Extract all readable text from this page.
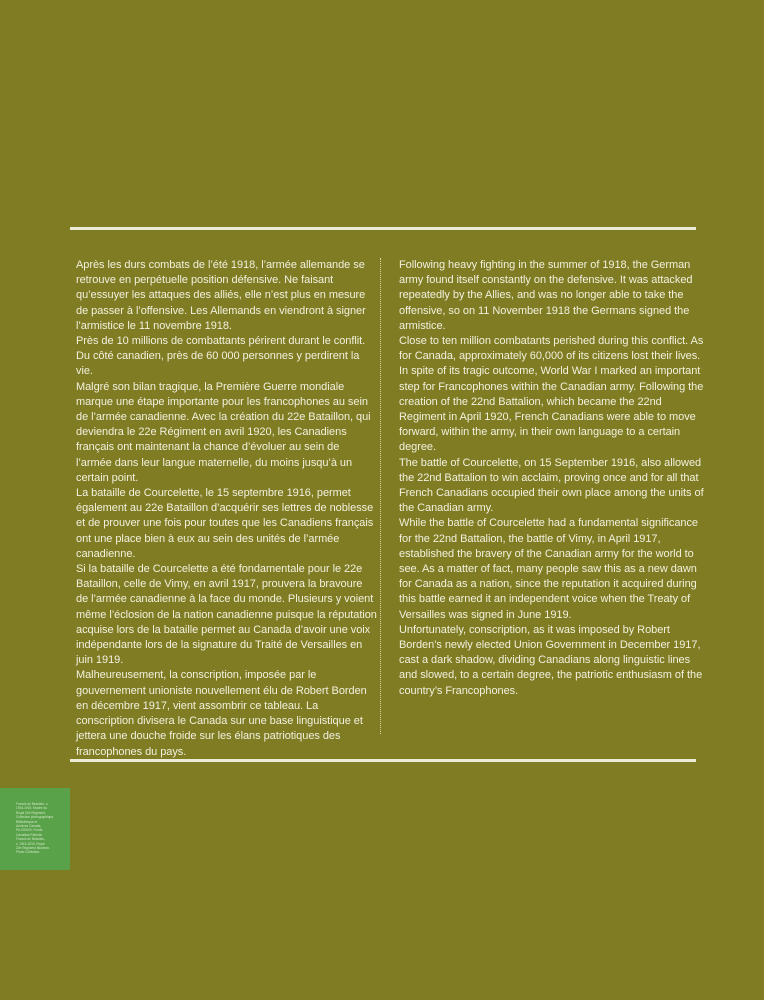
Après les durs combats de l’été 1918, l’armée allemande se retrouve en perpétuelle position défensive. Ne faisant qu’essuyer les attaques des alliés, elle n’est plus en mesure de passer à l’offensive. Les Allemands en viendront à signer l’armistice le 11 novembre 1918.

Près de 10 millions de combattants périrent durant le conflit. Du côté canadien, près de 60 000 personnes y perdirent la vie.

Malgré son bilan tragique, la Première Guerre mondiale marque une étape importante pour les francophones au sein de l’armée canadienne. Avec la création du 22e Bataillon, qui deviendra le 22e Régiment en avril 1920, les Canadiens français ont maintenant la chance d’évoluer au sein de l’armée dans leur langue maternelle, du moins jusqu’à un certain point.

La bataille de Courcelette, le 15 septembre 1916, permet également au 22e Bataillon d’acquérir ses lettres de noblesse et de prouver une fois pour toutes que les Canadiens français ont une place bien à eux au sein des unités de l’armée canadienne.

Si la bataille de Courcelette a été fondamentale pour le 22e Bataillon, celle de Vimy, en avril 1917, prouvera la bravoure de l’armée canadienne à la face du monde. Plusieurs y voient même l’éclosion de la nation canadienne puisque la réputation acquise lors de la bataille permet au Canada d’avoir une voix indépendante lors de la signature du Traité de Versailles en juin 1919.

Malheureusement, la conscription, imposée par le gouvernement unioniste nouvellement élu de Robert Borden en décembre 1917, vient assombrir ce tableau. La conscription divisera le Canada sur une base linguistique et jettera une douche froide sur les élans patriotiques des francophones du pays.

Following heavy fighting in the summer of 1918, the German army found itself constantly on the defensive. It was attacked repeatedly by the Allies, and was no longer able to take the offensive, so on 11 November 1918 the Germans signed the armistice.

Close to ten million combatants perished during this conflict. As for Canada, approximately 60,000 of its citizens lost their lives.

In spite of its tragic outcome, World War I marked an important step for Francophones within the Canadian army. Following the creation of the 22nd Battalion, which became the 22nd Regiment in April 1920, French Canadians were able to move forward, within the army, in their own language to a certain degree.

The battle of Courcelette, on 15 September 1916, also allowed the 22nd Battalion to win acclaim, proving once and for all that French Canadians occupied their own place among the units of the Canadian army.

While the battle of Courcelette had a fundamental significance for the 22nd Battalion, the battle of Vimy, in April 1917, established the bravery of the Canadian army for the world to see. As a matter of fact, many people saw this as a new dawn for Canada as a nation, since the reputation it acquired during this battle earned it an independent voice when the Treaty of Versailles was signed in June 1919.

Unfortunately, conscription, as it was imposed by Robert Borden’s newly elected Union Government in December 1917, cast a dark shadow, dividing Canadians along linguistic lines and slowed, to a certain degree, the patriotic enthusiasm of the country’s Francophones.

Francis de Beaulieu, c.

1915-1919. Musée du

Royal 22e Régiment.

Collection photographique.

Bibliothèque et

Archives Canada,

PA-000000. Fonds

Canadian Patriotic

Francis de Beaulieu,

c. 1915-1919. Royal

22e Regiment Museum.

Photo Collection.
